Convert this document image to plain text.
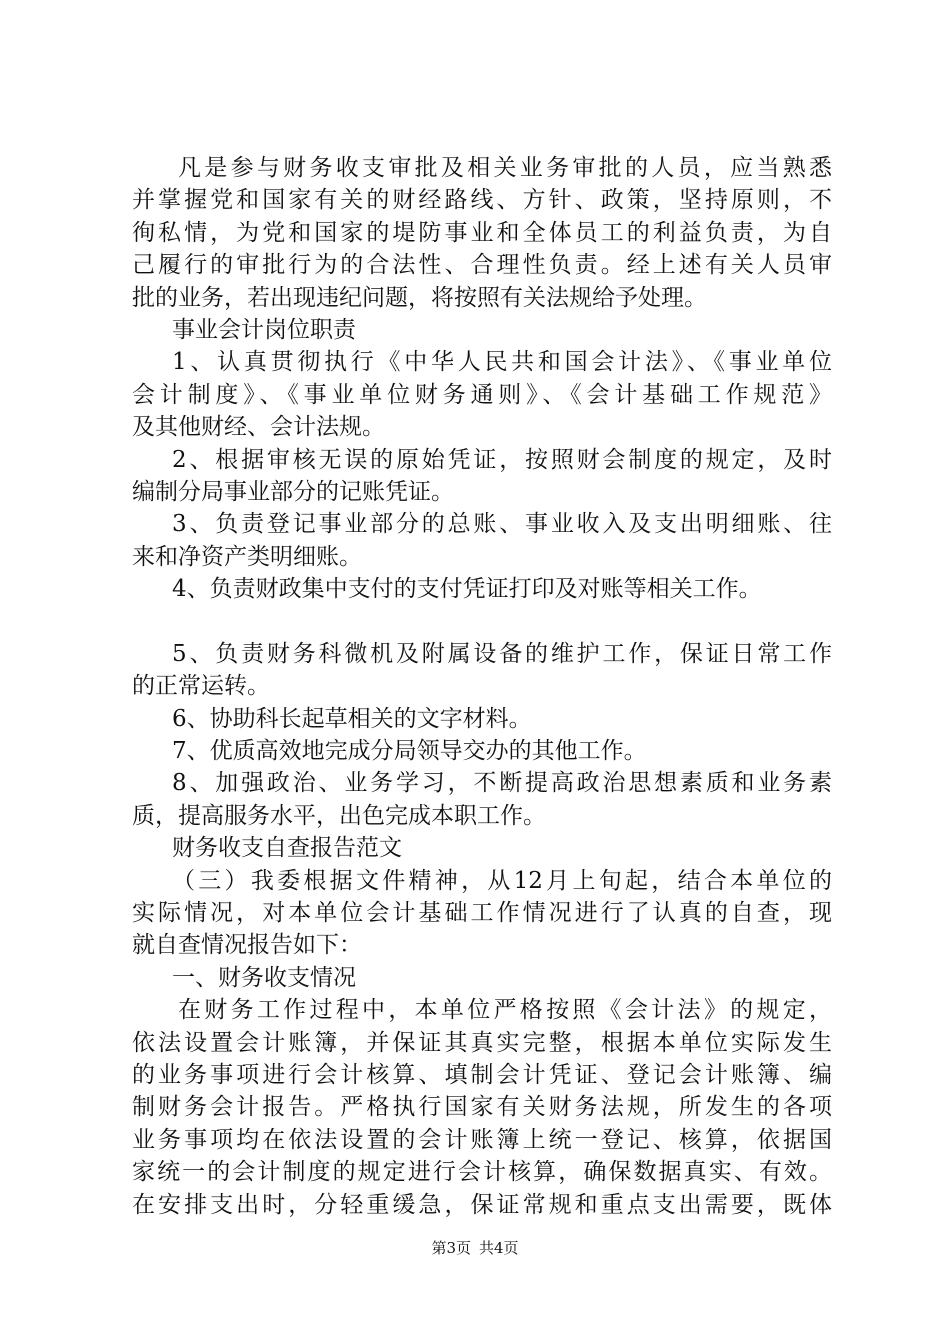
凡是参与财务收支审批及相关业务审批的人员，应当熟悉
并掌握党和国家有关的财经路线、方针、政策，坚持原则，不
徇私情，为党和国家的堤防事业和全体员工的利益负责，为自
己履行的审批行为的合法性、合理性负责。经上述有关人员审
批的业务，若出现违纪问题，将按照有关法规给予处理。
事业会计岗位职责
1、认真贯彻执行《中华人民共和国会计法》、《事业单位
会计制度》、《事业单位财务通则》、《会计基础工作规范》
及其他财经、会计法规。
2、根据审核无误的原始凭证，按照财会制度的规定，及时
编制分局事业部分的记账凭证。
3、负责登记事业部分的总账、事业收入及支出明细账、往
来和净资产类明细账。
4、负责财政集中支付的支付凭证打印及对账等相关工作。
5、负责财务科微机及附属设备的维护工作，保证日常工作
的正常运转。
6、协助科长起草相关的文字材料。
7、优质高效地完成分局领导交办的其他工作。
8、加强政治、业务学习，不断提高政治思想素质和业务素
质，提高服务水平，出色完成本职工作。
财务收支自查报告范文
（三）我委根据文件精神，从12月上旬起，结合本单位的
实际情况，对本单位会计基础工作情况进行了认真的自查，现
就自查情况报告如下：
一、财务收支情况
在财务工作过程中，本单位严格按照《会计法》的规定，
依法设置会计账簿，并保证其真实完整，根据本单位实际发生
的业务事项进行会计核算、填制会计凭证、登记会计账簿、编
制财务会计报告。严格执行国家有关财务法规，所发生的各项
业务事项均在依法设置的会计账簿上统一登记、核算，依据国
家统一的会计制度的规定进行会计核算，确保数据真实、有效。
在安排支出时，分轻重缓急，保证常规和重点支出需要，既体
第3页 共4页
